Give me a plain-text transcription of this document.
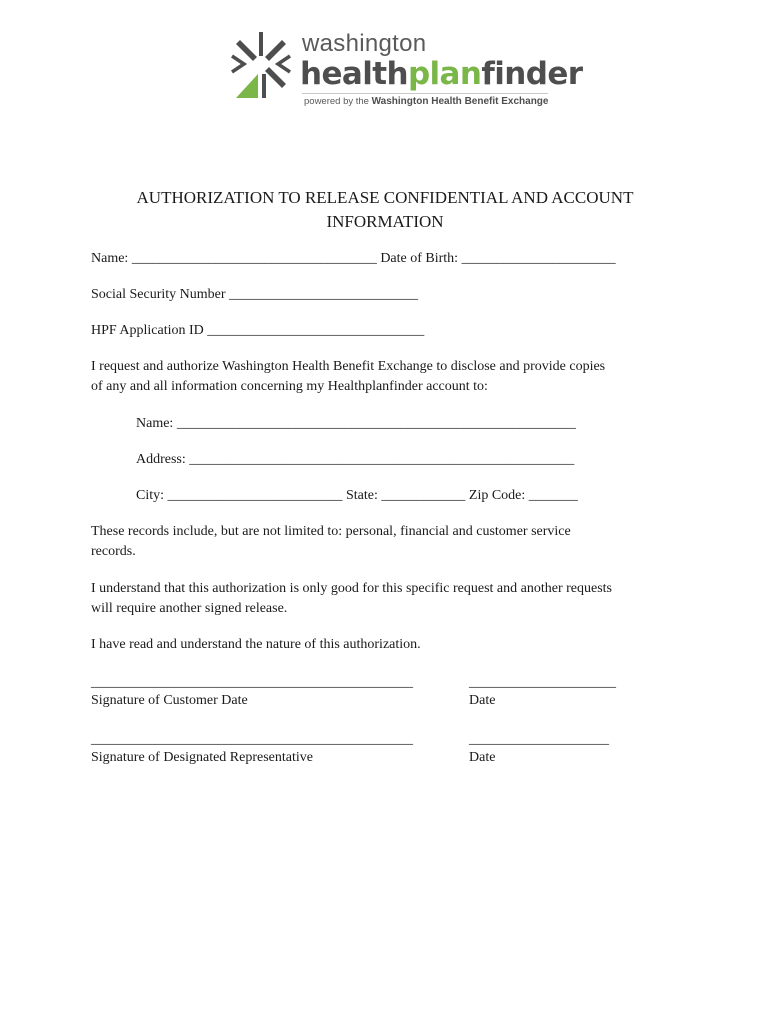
washington
healthplanfinder
powered by the Washington Health Benefit Exchange
AUTHORIZATION TO RELEASE CONFIDENTIAL AND ACCOUNT
INFORMATION
Name: ___________________________________ Date of Birth: ______________________
Social Security Number ___________________________
HPF Application ID _______________________________
I request and authorize Washington Health Benefit Exchange to disclose and provide copies
of any and all information concerning my Healthplanfinder account to:
Name: _________________________________________________________
Address: _______________________________________________________
City: _________________________ State: ____________ Zip Code: _______
These records include, but are not limited to: personal, financial and customer service
records.
I understand that this authorization is only good for this specific request and another requests
will require another signed release.
I have read and understand the nature of this authorization.
______________________________________________	_____________________
Signature of Customer Date	Date
______________________________________________	____________________
Signature of Designated Representative	Date
